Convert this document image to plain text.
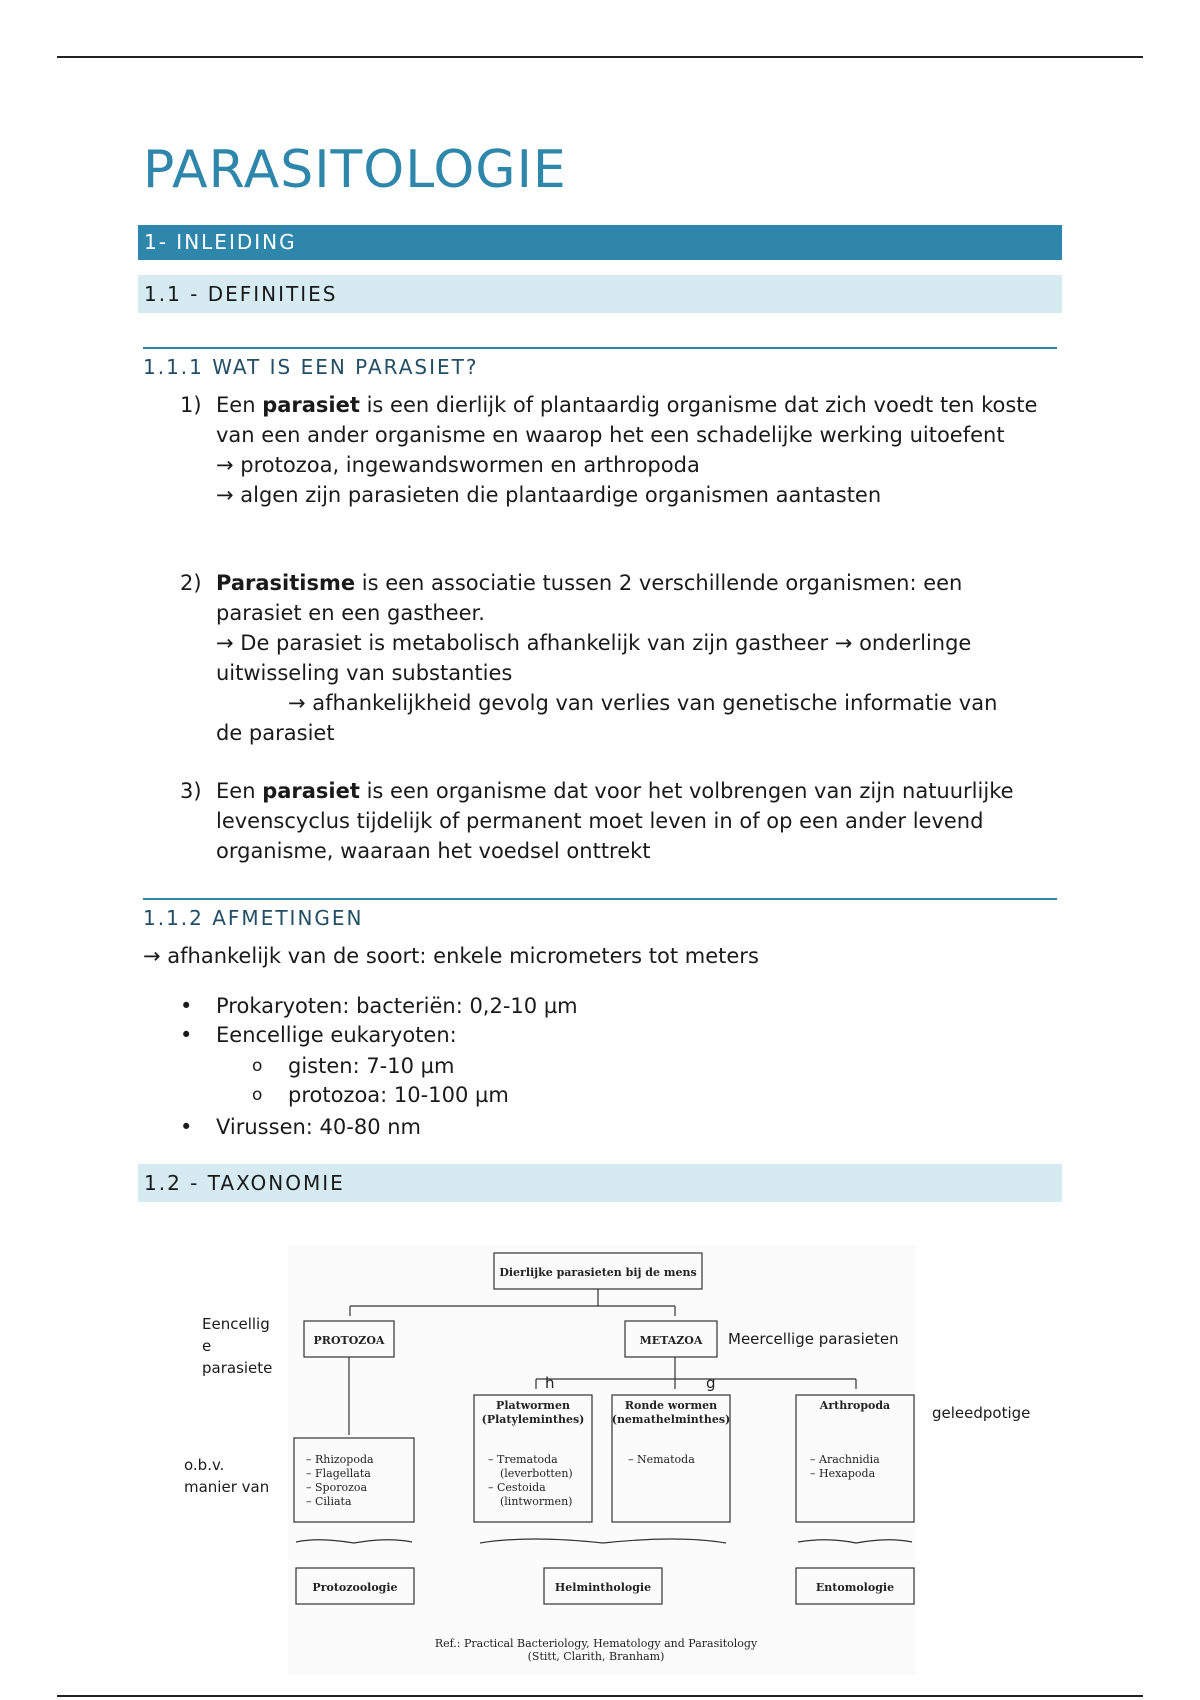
PARASITOLOGIE
1- INLEIDING
1.1 - DEFINITIES
1.1.1 WAT IS EEN PARASIET?
1) Een parasiet is een dierlijk of plantaardig organisme dat zich voedt ten koste van een ander organisme en waarop het een schadelijke werking uitoefent
→ protozoa, ingewandswormen en arthropoda
→ algen zijn parasieten die plantaardige organismen aantasten
2) Parasitisme is een associatie tussen 2 verschillende organismen: een parasiet en een gastheer.
→ De parasiet is metabolisch afhankelijk van zijn gastheer → onderlinge uitwisseling van substanties
→ afhankelijkheid gevolg van verlies van genetische informatie van
de parasiet
3) Een parasiet is een organisme dat voor het volbrengen van zijn natuurlijke levenscyclus tijdelijk of permanent moet leven in of op een ander levend organisme, waaraan het voedsel onttrekt
1.1.2 AFMETINGEN
→ afhankelijk van de soort: enkele micrometers tot meters
• Prokaryoten: bacteriën: 0,2-10 µm
• Eencellige eukaryoten:
o gisten: 7-10 µm
o protozoa: 10-100 µm
• Virussen: 40-80 nm
1.2 - TAXONOMIE
Dierlijke parasieten bij de mens
PROTOZOA	METAZOA
Platwormen
(Platyleminthes)
Ronde wormen
(nemathelminthes)
Arthropoda
Protozoologie	Helminthologie	Entomologie
Ref.: Practical Bacteriology, Hematology and Parasitology
(Stitt, Clarith, Branham)
– Rhizopoda
– Flagellata
– Sporozoa
– Ciliata
– Trematoda
(leverbotten)
– Cestoida
(lintwormen)
– Nematoda	– Arachnidia
– Hexapoda
h	g
Eencellig
e
parasiete
Meercellige parasieten
geleedpotige
o.b.v.
manier van
